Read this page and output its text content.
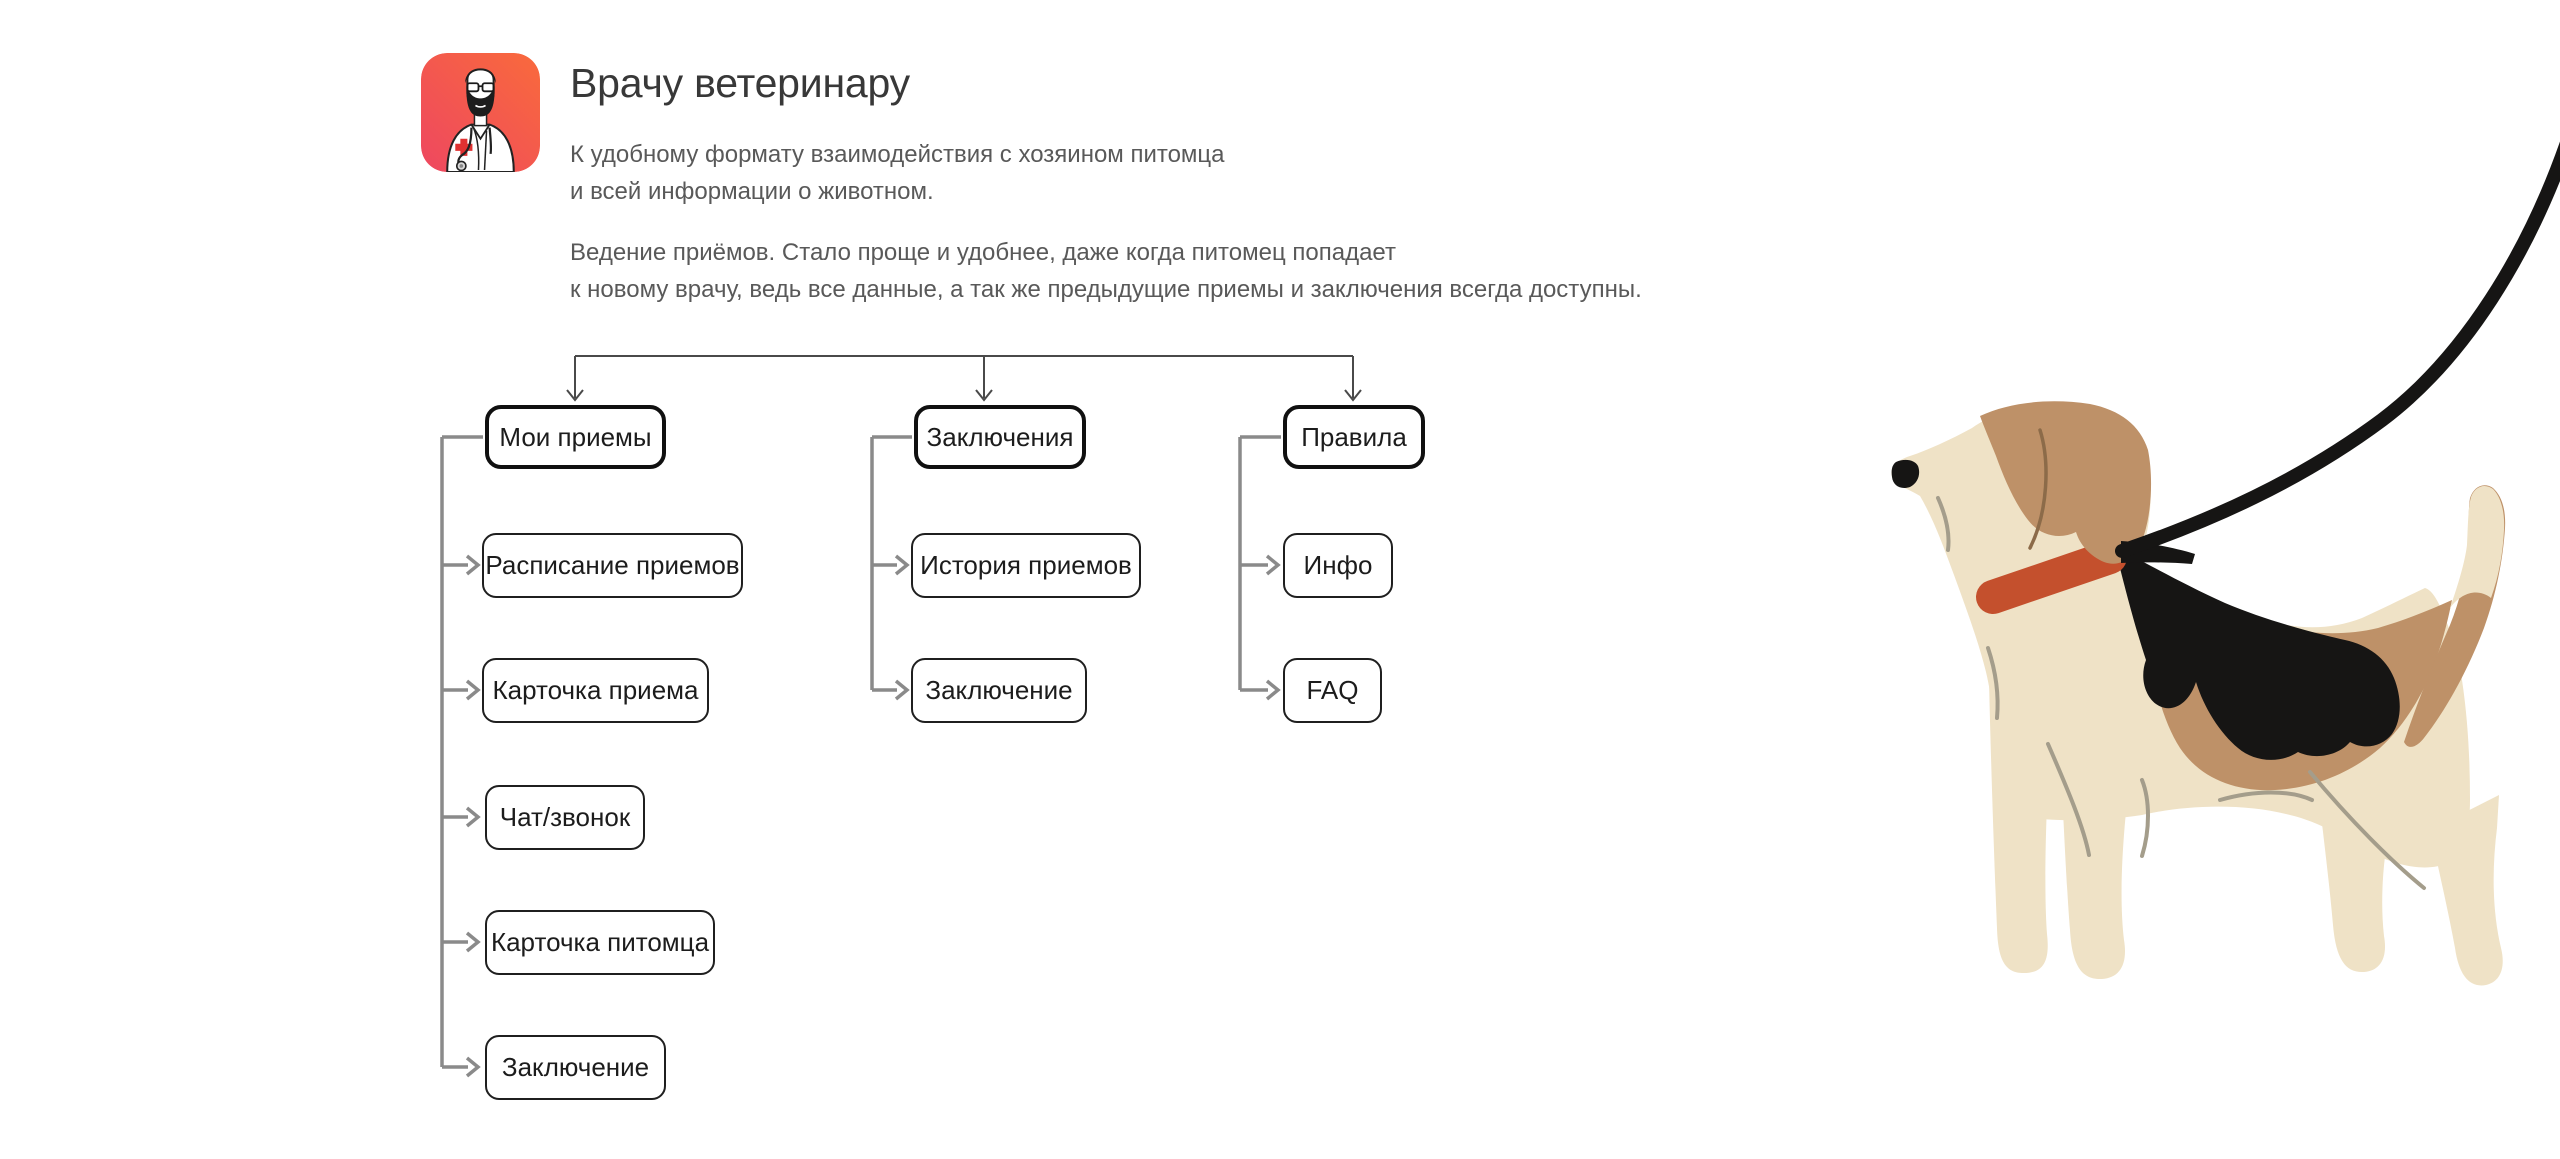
Врачу ветеринару
К удобному формату взаимодействия с хозяином питомца
и всей информации о животном.
Ведение приёмов. Стало проще и удобнее, даже когда питомец попадает
к новому врачу, ведь все данные, а так же предыдущие приемы и заключения всегда доступны.
Мои приемы
Расписание приемов
Карточка приема
Чат/звонок
Карточка питомца
Заключение
Заключения
История приемов
Заключение
Правила
Инфо
FAQ
